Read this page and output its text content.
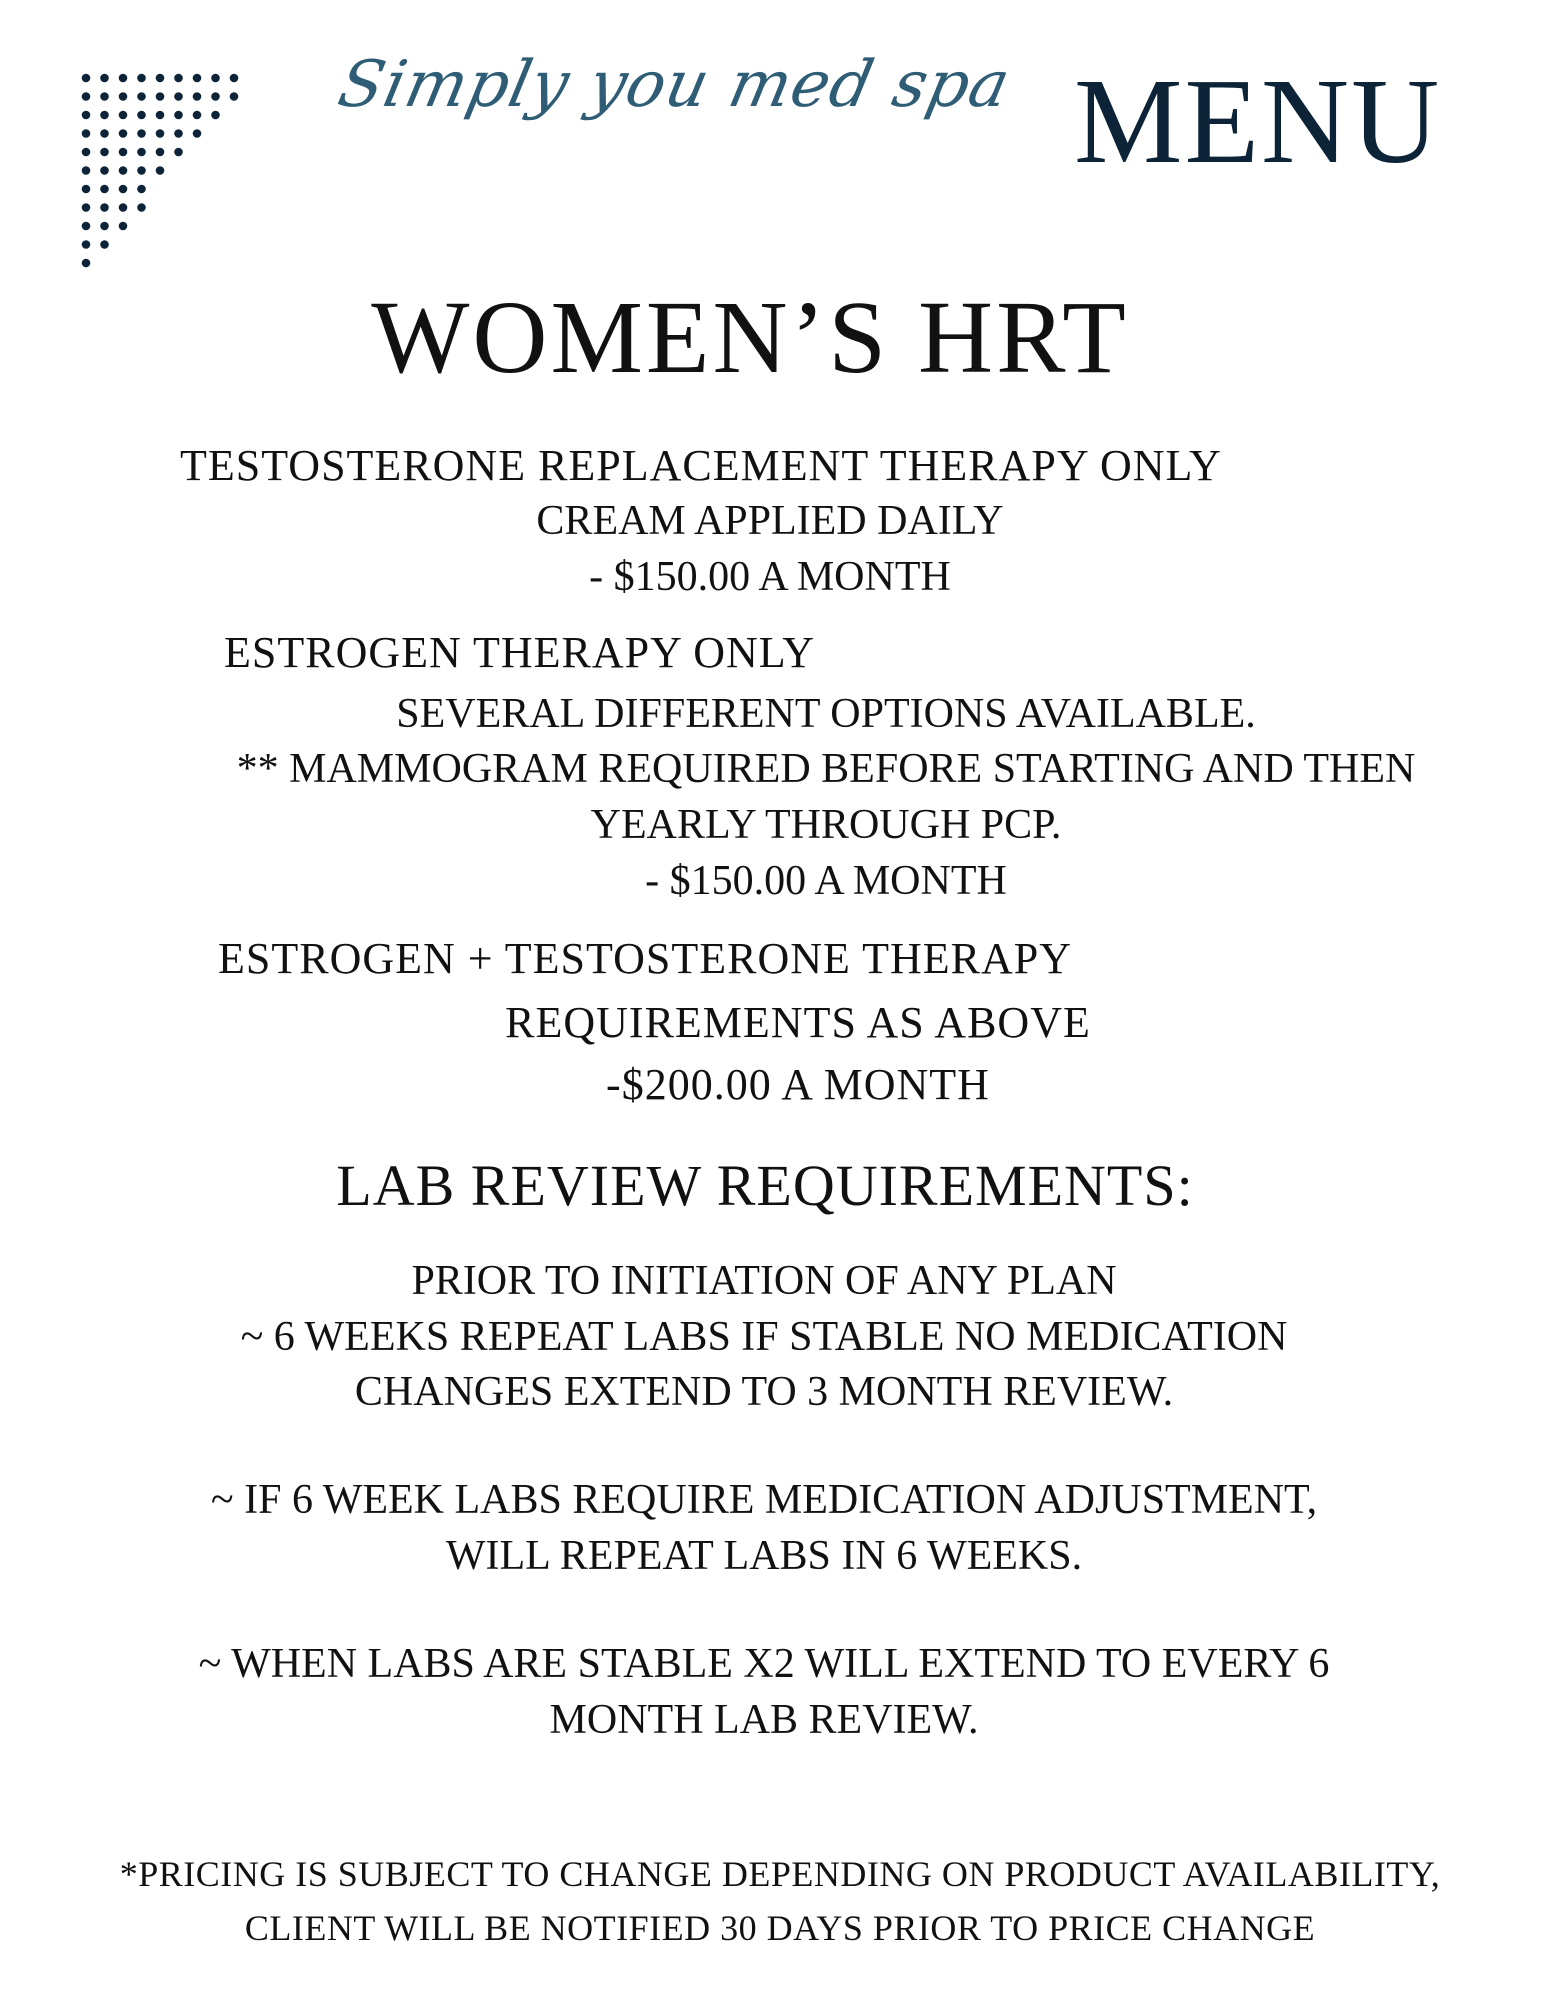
Simply you med spa MENU
WOMEN’S HRT
TESTOSTERONE REPLACEMENT THERAPY ONLY
CREAM APPLIED DAILY
- $150.00 A MONTH
ESTROGEN THERAPY ONLY
SEVERAL DIFFERENT OPTIONS AVAILABLE.
** MAMMOGRAM REQUIRED BEFORE STARTING AND THEN
YEARLY THROUGH PCP.
- $150.00 A MONTH
ESTROGEN + TESTOSTERONE THERAPY
REQUIREMENTS AS ABOVE
-$200.00 A MONTH
LAB REVIEW REQUIREMENTS:
PRIOR TO INITIATION OF ANY PLAN
~ 6 WEEKS REPEAT LABS IF STABLE NO MEDICATION
CHANGES EXTEND TO 3 MONTH REVIEW.
~ IF 6 WEEK LABS REQUIRE MEDICATION ADJUSTMENT,
WILL REPEAT LABS IN 6 WEEKS.
~ WHEN LABS ARE STABLE X2 WILL EXTEND TO EVERY 6
MONTH LAB REVIEW.
*PRICING IS SUBJECT TO CHANGE DEPENDING ON PRODUCT AVAILABILITY,
CLIENT WILL BE NOTIFIED 30 DAYS PRIOR TO PRICE CHANGE
